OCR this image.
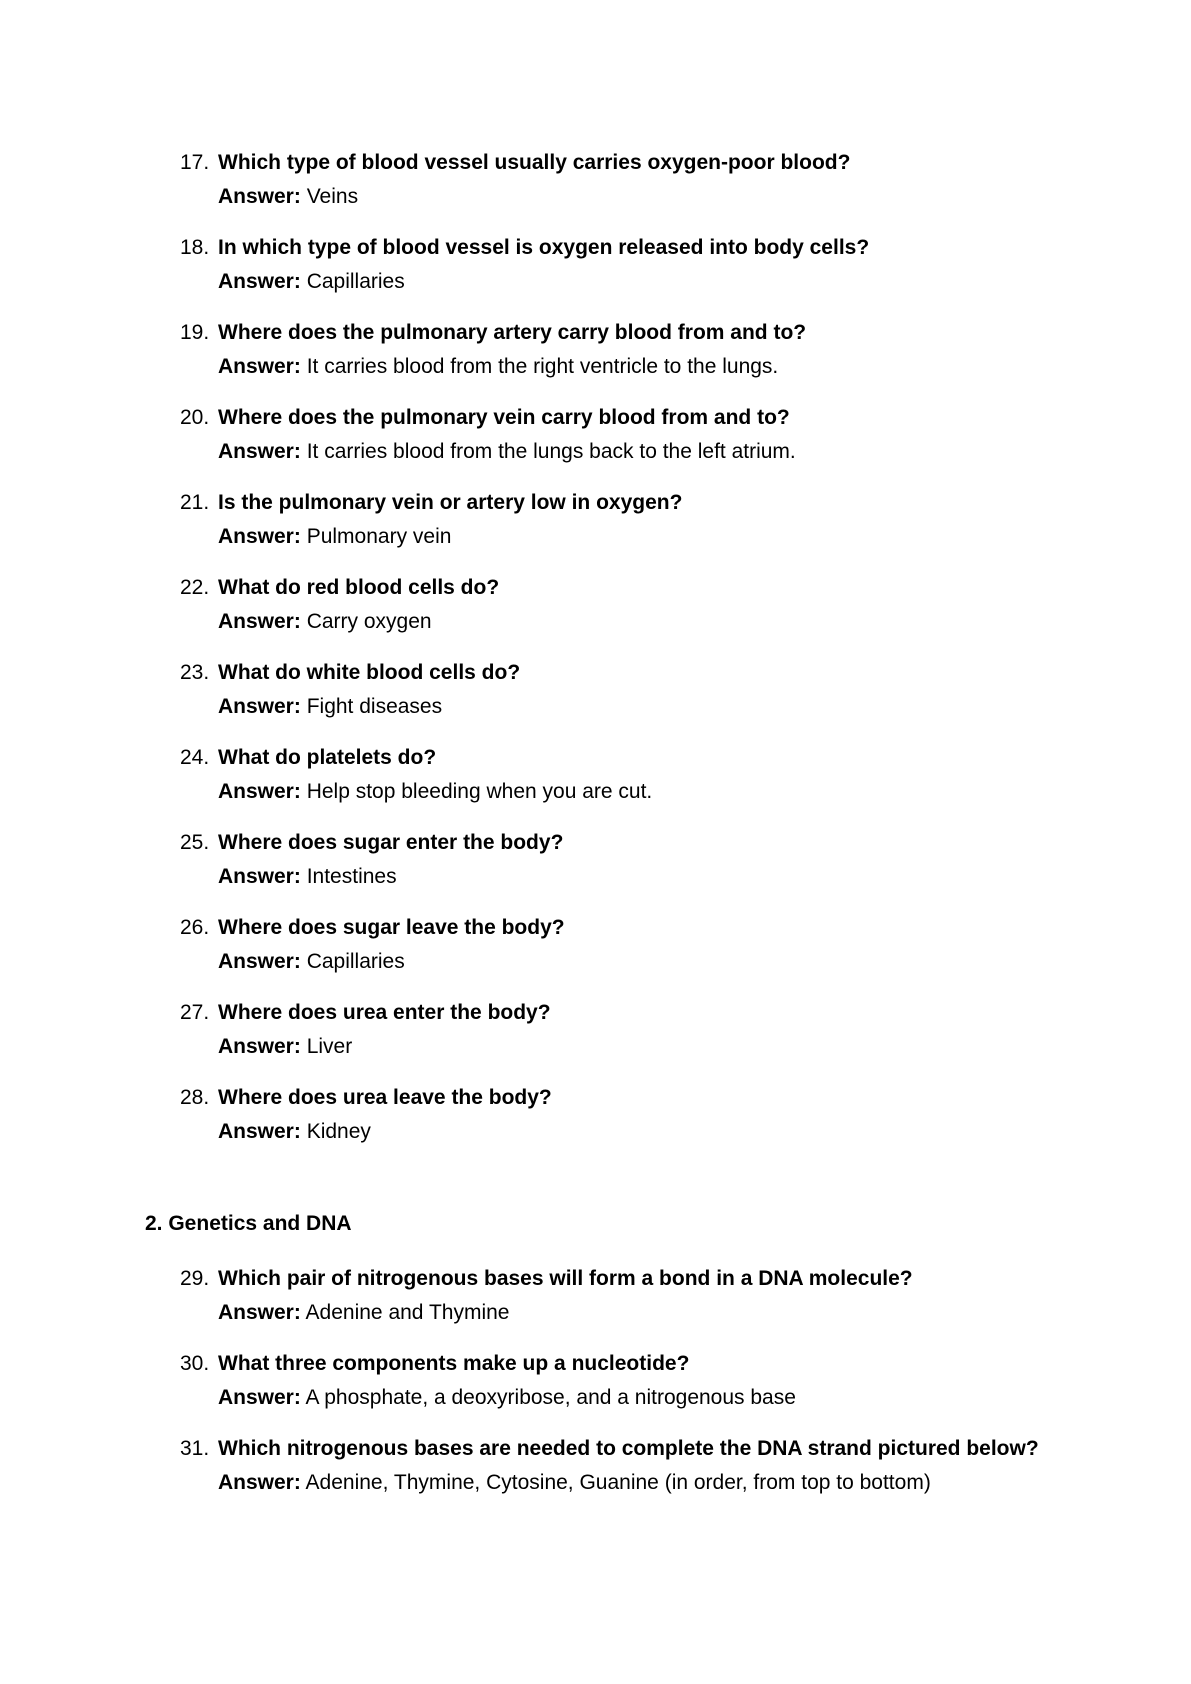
17. Which type of blood vessel usually carries oxygen-poor blood?
Answer: Veins
18. In which type of blood vessel is oxygen released into body cells?
Answer: Capillaries
19. Where does the pulmonary artery carry blood from and to?
Answer: It carries blood from the right ventricle to the lungs.
20. Where does the pulmonary vein carry blood from and to?
Answer: It carries blood from the lungs back to the left atrium.
21. Is the pulmonary vein or artery low in oxygen?
Answer: Pulmonary vein
22. What do red blood cells do?
Answer: Carry oxygen
23. What do white blood cells do?
Answer: Fight diseases
24. What do platelets do?
Answer: Help stop bleeding when you are cut.
25. Where does sugar enter the body?
Answer: Intestines
26. Where does sugar leave the body?
Answer: Capillaries
27. Where does urea enter the body?
Answer: Liver
28. Where does urea leave the body?
Answer: Kidney
2. Genetics and DNA
29. Which pair of nitrogenous bases will form a bond in a DNA molecule?
Answer: Adenine and Thymine
30. What three components make up a nucleotide?
Answer: A phosphate, a deoxyribose, and a nitrogenous base
31. Which nitrogenous bases are needed to complete the DNA strand pictured below?
Answer: Adenine, Thymine, Cytosine, Guanine (in order, from top to bottom)
